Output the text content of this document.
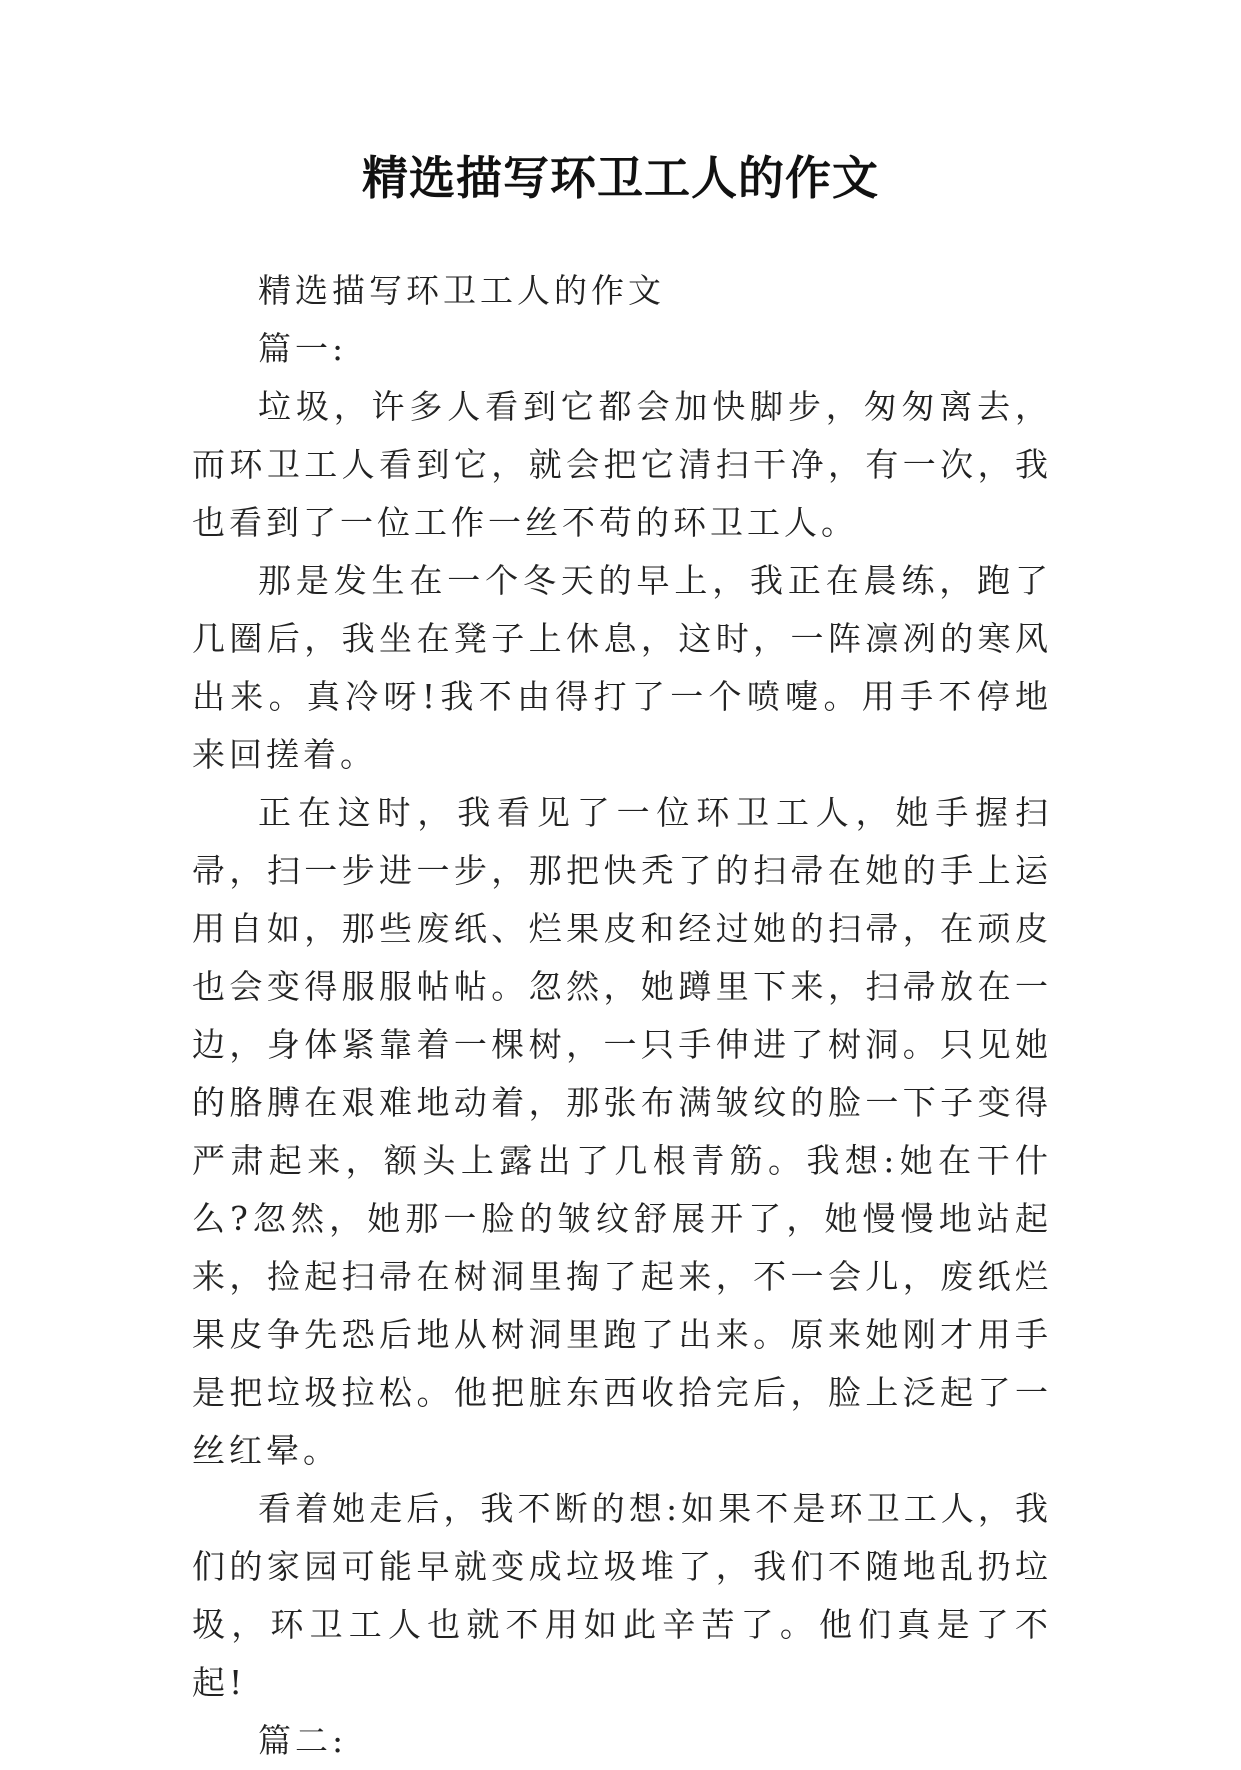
精选描写环卫工人的作文

精选描写环卫工人的作文

篇一:

垃圾，许多人看到它都会加快脚步，匆匆离去，而环卫工人看到它，就会把它清扫干净，有一次，我也看到了一位工作一丝不苟的环卫工人。

那是发生在一个冬天的早上，我正在晨练，跑了几圈后，我坐在凳子上休息，这时，一阵凛冽的寒风出来。真冷呀!我不由得打了一个喷嚏。用手不停地来回搓着。

正在这时，我看见了一位环卫工人，她手握扫帚，扫一步进一步，那把快秃了的扫帚在她的手上运用自如，那些废纸、烂果皮和经过她的扫帚，在顽皮也会变得服服帖帖。忽然，她蹲里下来，扫帚放在一边，身体紧靠着一棵树，一只手伸进了树洞。只见她的胳膊在艰难地动着，那张布满皱纹的脸一下子变得严肃起来，额头上露出了几根青筋。我想:她在干什么?忽然，她那一脸的皱纹舒展开了，她慢慢地站起来，捡起扫帚在树洞里掏了起来，不一会儿，废纸烂果皮争先恐后地从树洞里跑了出来。原来她刚才用手是把垃圾拉松。他把脏东西收拾完后，脸上泛起了一丝红晕。

看着她走后，我不断的想:如果不是环卫工人，我们的家园可能早就变成垃圾堆了，我们不随地乱扔垃圾，环卫工人也就不用如此辛苦了。他们真是了不起!

篇二:
